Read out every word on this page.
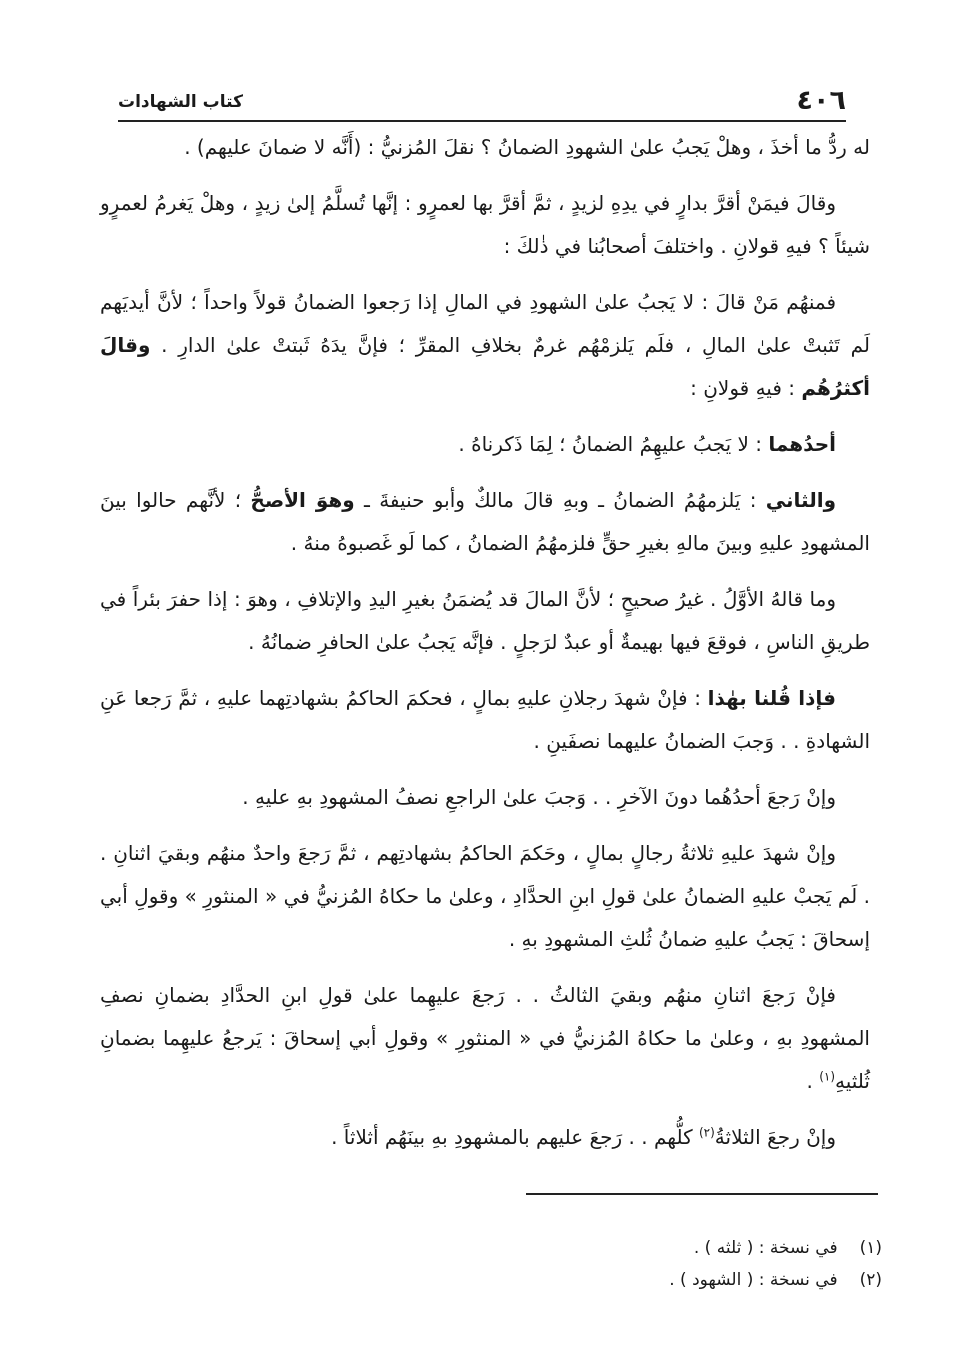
٤٠٦
كتاب الشهادات

له ردُّ ما أخذَ ، وهلْ يَجبُ علىٰ الشهودِ الضمانُ ؟ نقلَ المُزنيُّ : (أَنَّه لا ضمانَ عليهم) .

وقالَ فيمَنْ أقرَّ بدارٍ في يدِهِ لزيدٍ ، ثمَّ أقرَّ بها لعمرٍو : إنَّها تُسلَّمُ إلىٰ زيدٍ ، وهلْ يَغرمُ لعمرٍو شيئاً ؟ فيهِ قولانِ . واختلفَ أصحابُنا في ذٰلكَ :

فمنهُم مَنْ قالَ : لا يَجبُ علىٰ الشهودِ في المالِ إذا رَجعوا الضمانُ قولاً واحداً ؛ لأنَّ أيديَهم لَم تَثبتْ علىٰ المالِ ، فلَم يَلزمْهُم غرمٌ بخلافِ المقرِّ ؛ فإنَّ يدَهُ ثَبتتْ علىٰ الدارِ . وقالَ أكثرُهُم : فيهِ قولانِ :

أحدُهما : لا يَجبُ عليهِمُ الضمانُ ؛ لِمَا ذَكرناهُ .

والثاني : يَلزمهُمُ الضمانُ ـ وبهِ قالَ مالكٌ وأبو حنيفةَ ـ وهوَ الأصحُّ ؛ لأنَّهم حالوا بينَ المشهودِ عليهِ وبينَ مالهِ بغيرِ حقٍّ فلزمهُمُ الضمانُ ، كما لَو غَصبوهُ منهُ .

وما قالهُ الأوَّلُ . غيرُ صحيحٍ ؛ لأنَّ المالَ قد يُضمَنُ بغيرِ اليدِ والإتلافِ ، وهوَ : إذا حفرَ بئراً في طريقِ الناسِ ، فوقعَ فيها بهيمةٌ أو عبدٌ لرَجلٍ . فإنَّه يَجبُ علىٰ الحافرِ ضمانُهُ .

فإذا قُلنا بهٰذا : فإنْ شهدَ رجلانِ عليهِ بمالٍ ، فحكمَ الحاكمُ بشهادتِهما عليهِ ، ثمَّ رَجعا عَنِ الشهادةِ . . وَجبَ الضمانُ عليهما نصفَينِ .

وإنْ رَجعَ أحدُهُما دونَ الآخرِ . . وَجبَ علىٰ الراجعِ نصفُ المشهودِ بهِ عليهِ .

وإنْ شهدَ عليهِ ثلاثةُ رجالٍ بمالٍ ، وحَكمَ الحاكمُ بشهادتِهم ، ثمَّ رَجعَ واحدٌ منهُم وبقيَ اثنانِ . . لَم يَجبْ عليهِ الضمانُ علىٰ قولِ ابنِ الحدَّادِ ، وعلىٰ ما حكاهُ المُزنيُّ في « المنثورِ » وقولِ أبي إسحاقَ : يَجبُ عليهِ ضمانُ ثُلثِ المشهودِ بهِ .

فإنْ رَجعَ اثنانِ منهُم وبقيَ الثالثُ . . رَجعَ عليهِما علىٰ قولِ ابنِ الحدَّادِ بضمانِ نصفِ المشهودِ بهِ ، وعلىٰ ما حكاهُ المُزنيُّ في « المنثورِ » وقولِ أبي إسحاقَ : يَرجعُ عليهِما بضمانِ ثُلثيهِ$^{(١)}$ .

وإنْ رجعَ الثلاثةُ$^{(٢)}$ كلُّهم . . رَجعَ عليهم بالمشهودِ بهِ بينَهُم أثلاثاً .

(١)في نسخة : ( ثلثه ) .
(٢)في نسخة : ( الشهود ) .
